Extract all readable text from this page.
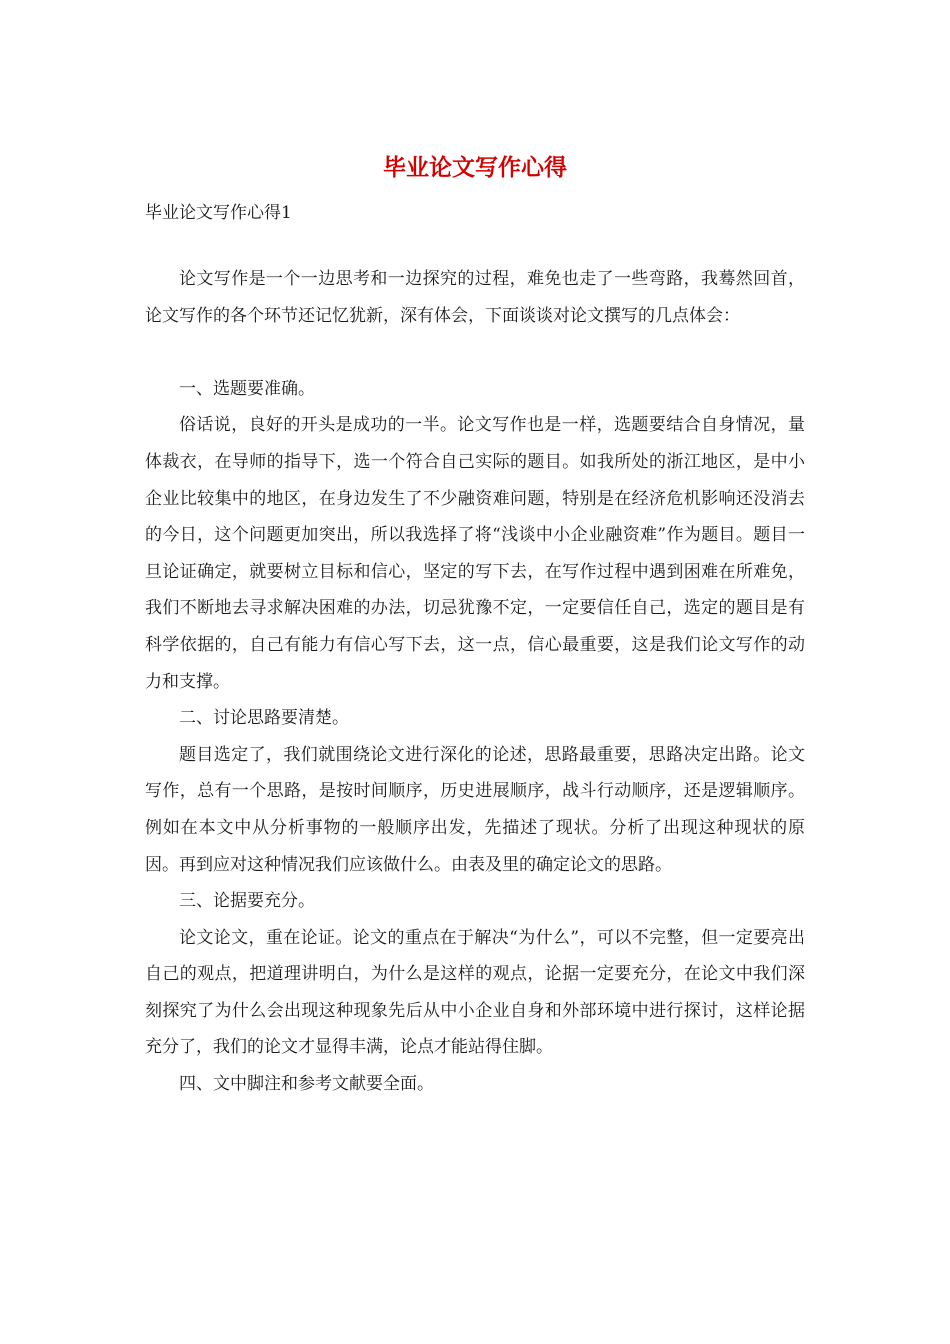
毕业论文写作心得

毕业论文写作心得1

论文写作是一个一边思考和一边探究的过程，难免也走了一些弯路，我蓦然回首，论文写作的各个环节还记忆犹新，深有体会，下面谈谈对论文撰写的几点体会：

一、选题要准确。

俗话说，良好的开头是成功的一半。论文写作也是一样，选题要结合自身情况，量体裁衣，在导师的指导下，选一个符合自己实际的题目。如我所处的浙江地区，是中小企业比较集中的地区，在身边发生了不少融资难问题，特别是在经济危机影响还没消去的今日，这个问题更加突出，所以我选择了将“浅谈中小企业融资难”作为题目。题目一旦论证确定，就要树立目标和信心，坚定的写下去，在写作过程中遇到困难在所难免，我们不断地去寻求解决困难的办法，切忌犹豫不定，一定要信任自己，选定的题目是有科学依据的，自己有能力有信心写下去，这一点，信心最重要，这是我们论文写作的动力和支撑。

二、讨论思路要清楚。

题目选定了，我们就围绕论文进行深化的论述，思路最重要，思路决定出路。论文写作，总有一个思路，是按时间顺序，历史进展顺序，战斗行动顺序，还是逻辑顺序。例如在本文中从分析事物的一般顺序出发，先描述了现状。分析了出现这种现状的原因。再到应对这种情况我们应该做什么。由表及里的确定论文的思路。

三、论据要充分。

论文论文，重在论证。论文的重点在于解决“为什么”，可以不完整，但一定要亮出自己的观点，把道理讲明白，为什么是这样的观点，论据一定要充分，在论文中我们深刻探究了为什么会出现这种现象先后从中小企业自身和外部环境中进行探讨，这样论据充分了，我们的论文才显得丰满，论点才能站得住脚。

四、文中脚注和参考文献要全面。
